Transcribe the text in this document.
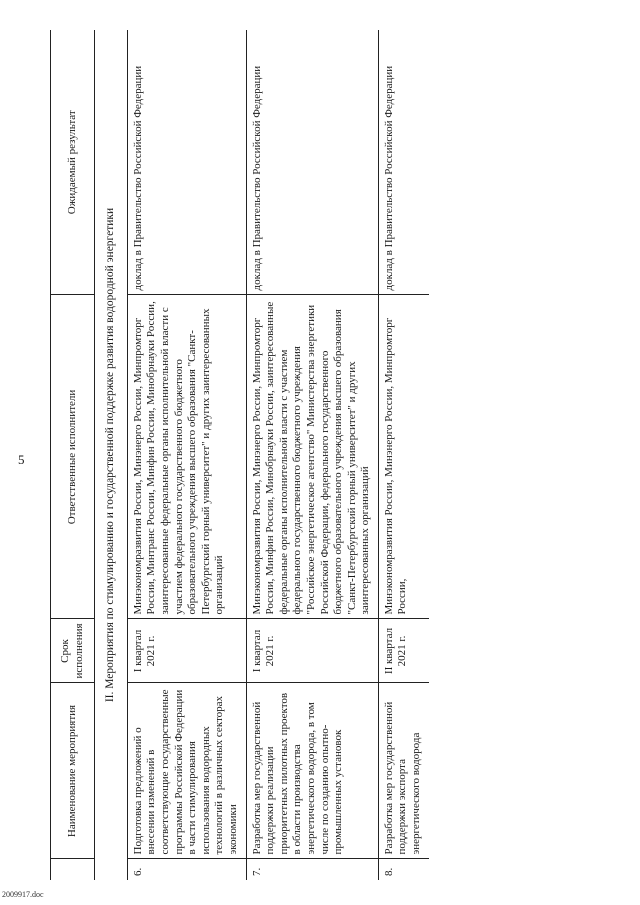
5
2009917.doc
	Наименование мероприятия	Срок исполнения	Ответственные исполнители	Ожидаемый результат
II. Мероприятия по стимулированию и государственной поддержке развития водородной энергетики				
6.	Подготовка предложений о внесении изменений в соответствующие государственные программы Российской Федерации в части стимулирования использования водородных технологий в различных секторах экономики	I квартал 2021 г.	Минэкономразвития России, Минэнерго России, Минпромторг России, Минтранс России, Минфин России, Минобрнауки России, заинтересованные федеральные органы исполнительной власти с участием федерального государственного бюджетного образовательного учреждения высшего образования "Санкт-Петербургский горный университет" и других заинтересованных организаций	доклад в Правительство Российской Федерации
7.	Разработка мер государственной поддержки реализации приоритетных пилотных проектов в области производства энергетического водорода, в том числе по созданию опытно-промышленных установок	I квартал 2021 г.	Минэкономразвития России, Минэнерго России, Минпромторг России, Минфин России, Минобрнауки России, заинтересованные федеральные органы исполнительной власти с участием федерального государственного бюджетного учреждения "Российское энергетическое агентство" Министерства энергетики Российской Федерации, федерального государственного бюджетного образовательного учреждения высшего образования "Санкт-Петербургский горный университет" и других заинтересованных организаций	доклад в Правительство Российской Федерации
8.	Разработка мер государственной поддержки экспорта энергетического водорода	II квартал 2021 г.	Минэкономразвития России, Минэнерго России, Минпромторг России,	доклад в Правительство Российской Федерации
